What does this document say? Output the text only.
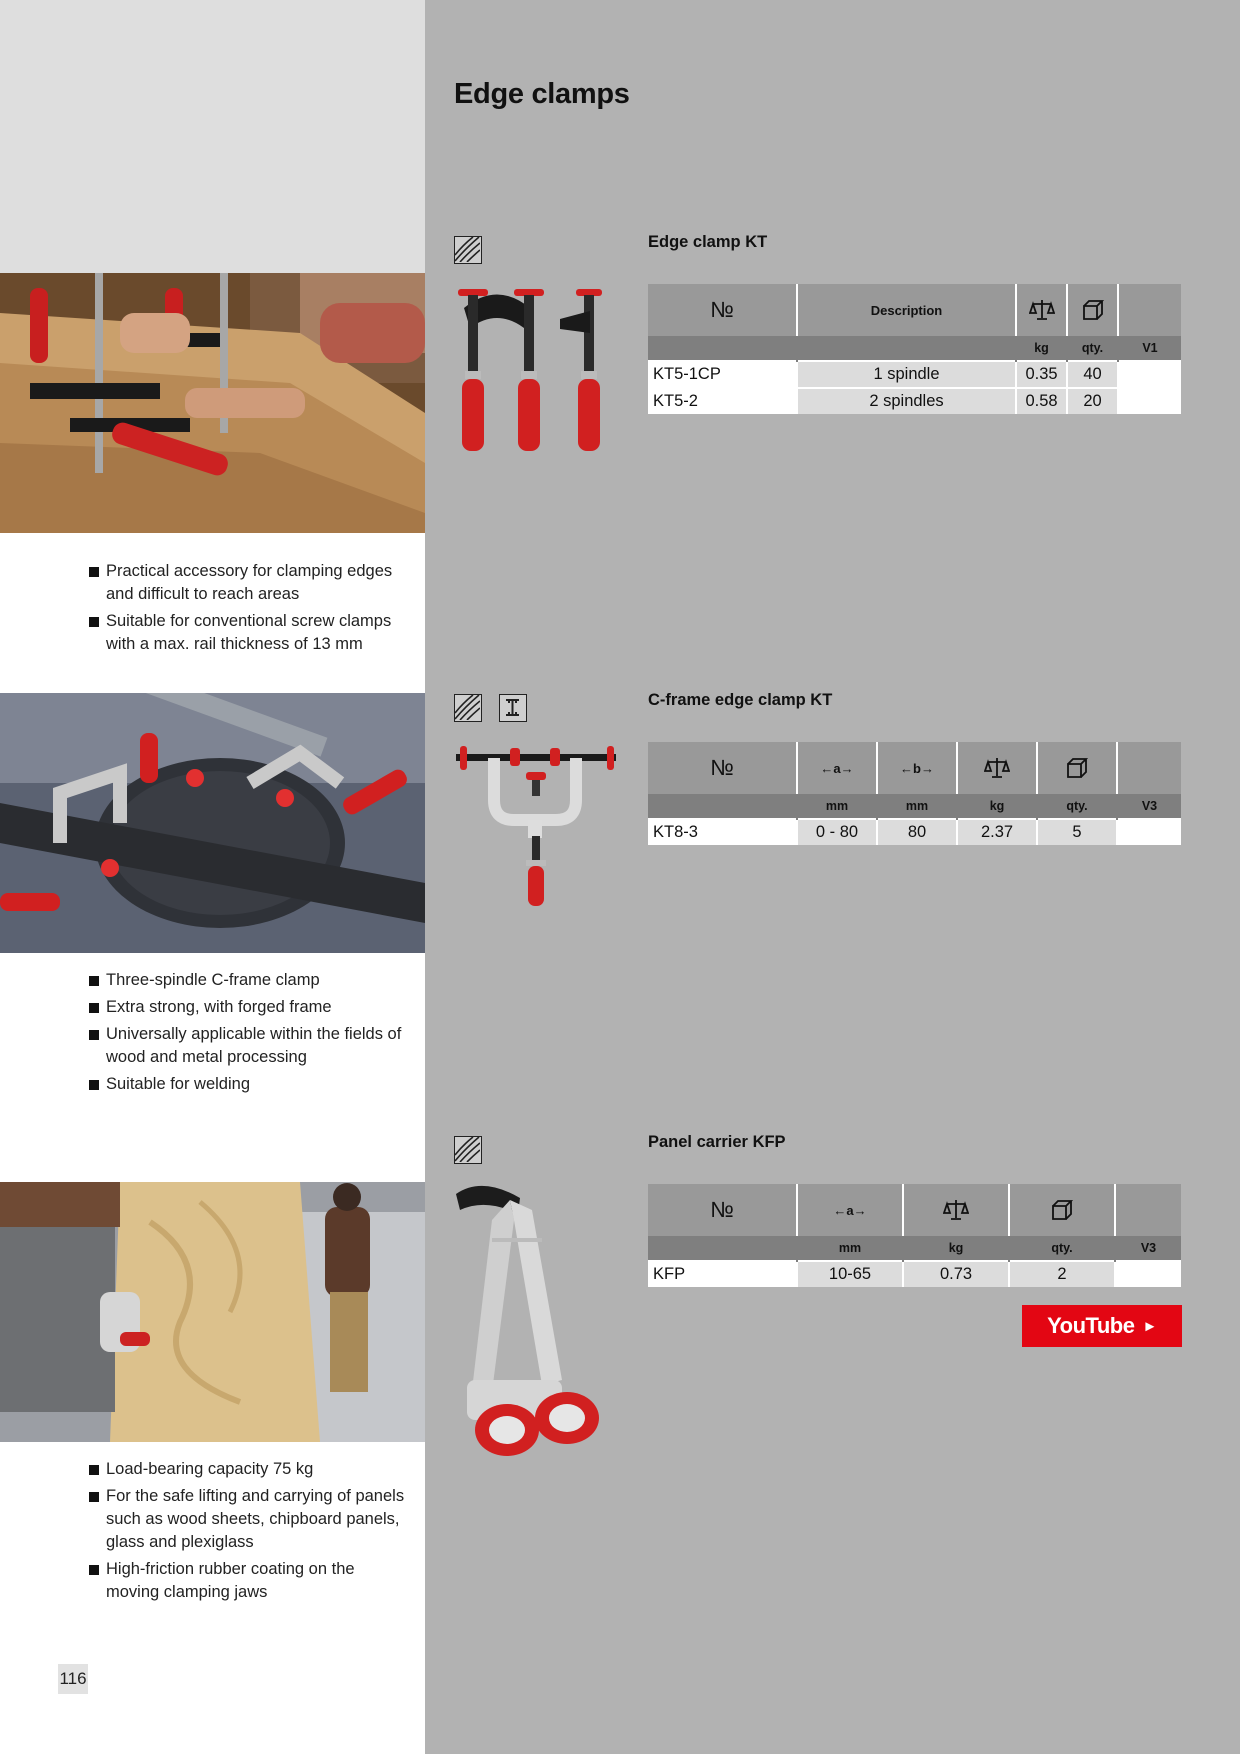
Practical accessory for clamping edges and difficult to reach areas
Suitable for conventional screw clamps with a max. rail thickness of 13 mm
Three-spindle C-frame clamp
Extra strong, with forged frame
Universally applicable within the fields of wood and metal processing
Suitable for welding
Load-bearing capacity 75 kg
For the safe lifting and carrying of panels such as wood sheets, chipboard panels, glass and plexiglass
High-friction rubber coating on the moving clamping jaws
116
Edge clamps
Edge clamp KT
№	Description			
		kg	qty.	V1
KT5-1CP	1 spindle	0.35	40	
KT5-2	2 spindles	0.58	20	
C-frame edge clamp KT
№	←a→	←b→			
	mm	mm	kg	qty.	V3
KT8-3	0 - 80	80	2.37	5	
Panel carrier KFP
№	←a→			
	mm	kg	qty.	V3
KFP	10-65	0.73	2	
YouTube ►
